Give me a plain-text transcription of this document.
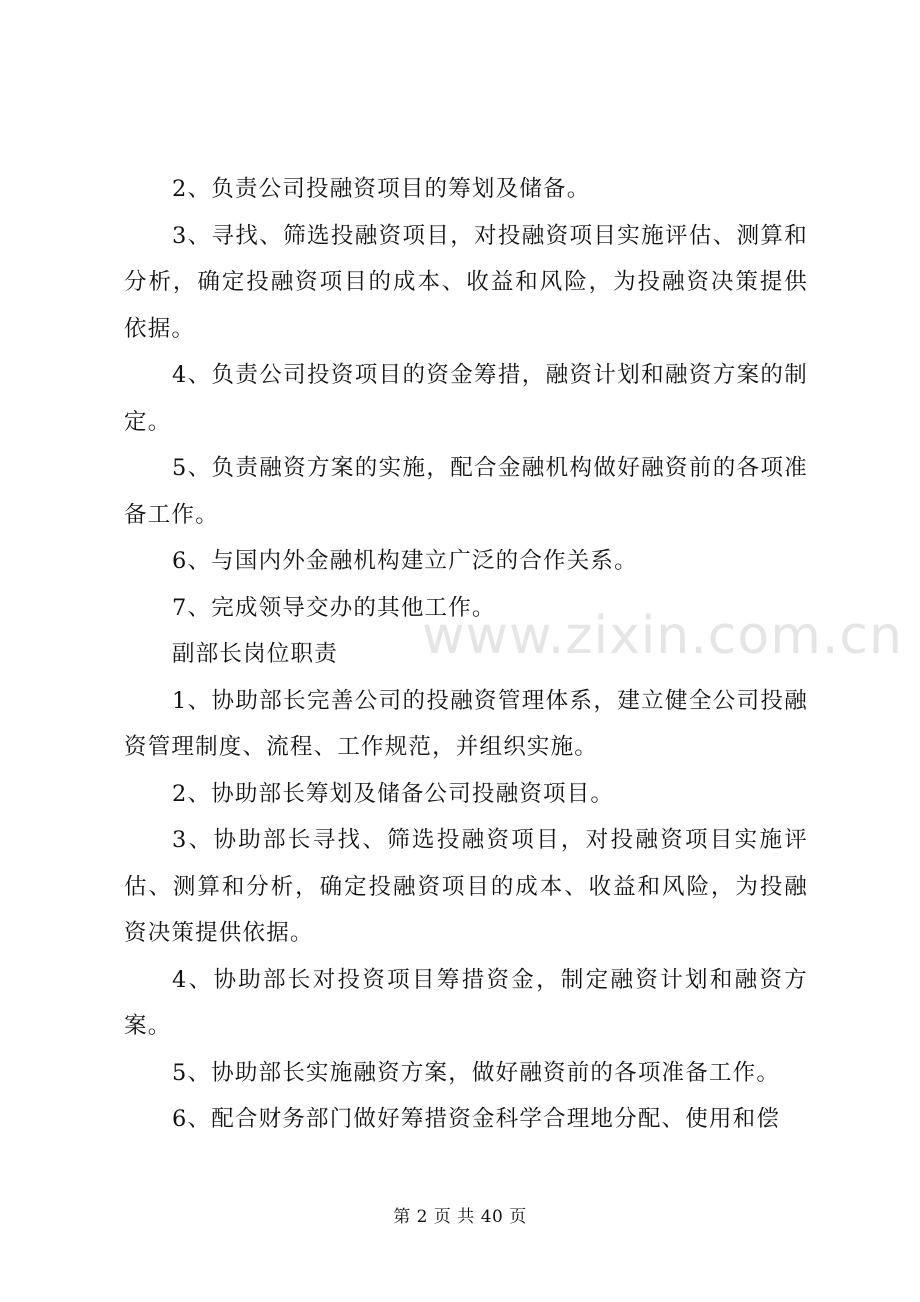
2、负责公司投融资项目的筹划及储备。

3、寻找、筛选投融资项目，对投融资项目实施评估、测算和分析，确定投融资项目的成本、收益和风险，为投融资决策提供依据。

4、负责公司投资项目的资金筹措，融资计划和融资方案的制定。

5、负责融资方案的实施，配合金融机构做好融资前的各项准备工作。

6、与国内外金融机构建立广泛的合作关系。

7、完成领导交办的其他工作。

副部长岗位职责

1、协助部长完善公司的投融资管理体系，建立健全公司投融资管理制度、流程、工作规范，并组织实施。

2、协助部长筹划及储备公司投融资项目。

3、协助部长寻找、筛选投融资项目，对投融资项目实施评估、测算和分析，确定投融资项目的成本、收益和风险，为投融资决策提供依据。

4、协助部长对投资项目筹措资金，制定融资计划和融资方案。

5、协助部长实施融资方案，做好融资前的各项准备工作。

6、配合财务部门做好筹措资金科学合理地分配、使用和偿

www.zixin.com.cn
第 2 页 共 40 页
